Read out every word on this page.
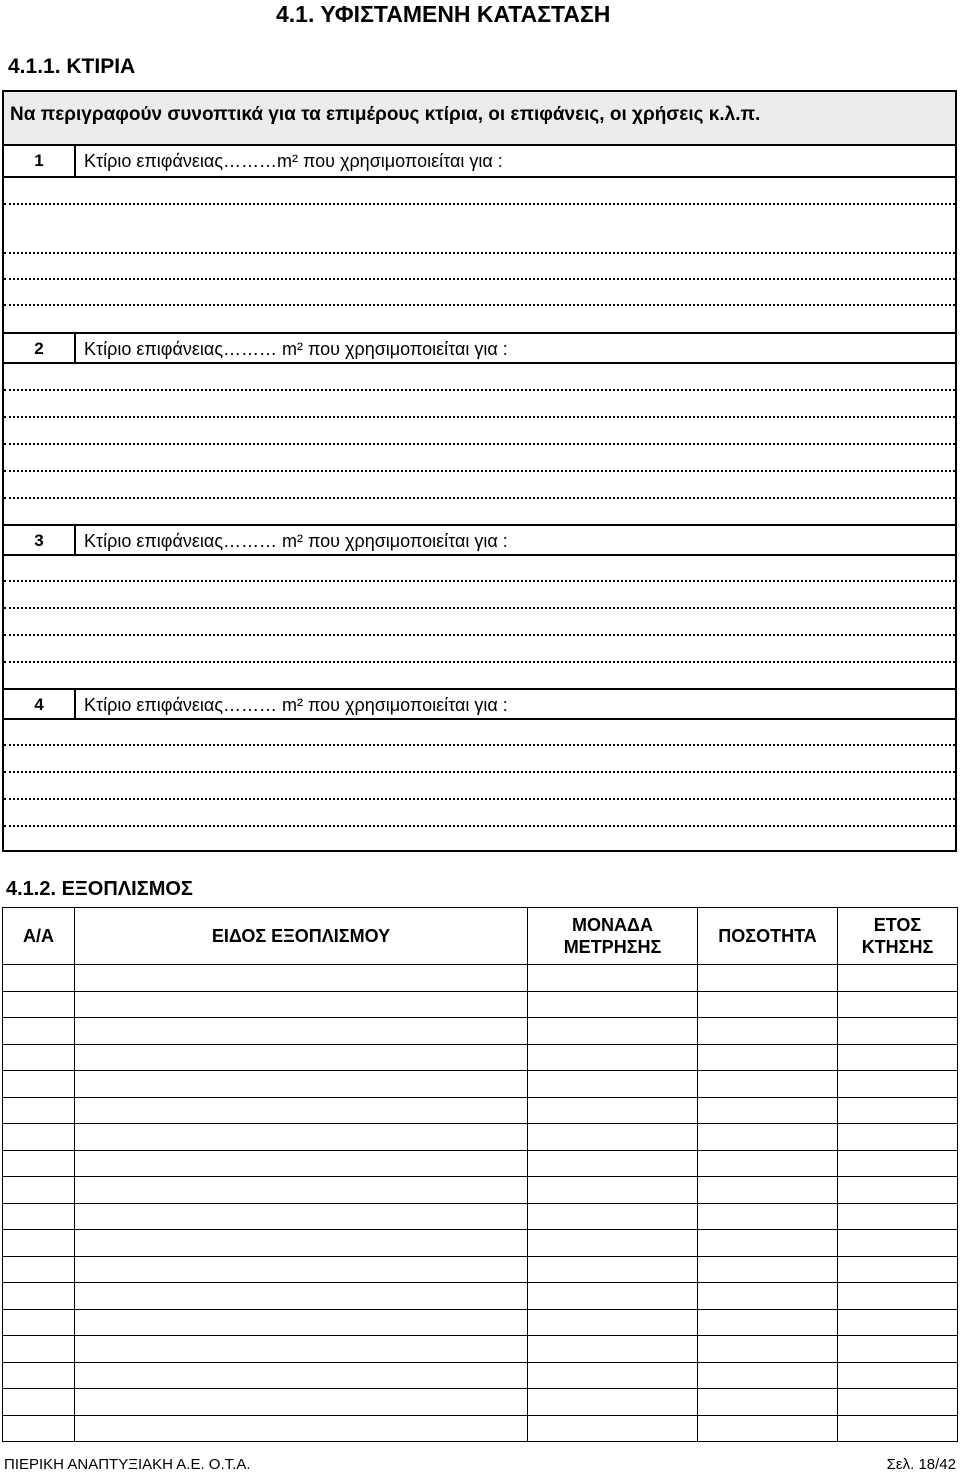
4.1. ΥΦΙΣΤΑΜΕΝΗ ΚΑΤΑΣΤΑΣΗ
4.1.1. ΚΤΙΡΙΑ
Να περιγραφούν συνοπτικά για τα επιμέρους κτίρια, οι επιφάνεις, οι χρήσεις κ.λ.π.
1	Κτίριο επιφάνειας………m² που χρησιμοποιείται για :
2	Κτίριο επιφάνειας……… m² που χρησιμοποιείται για :
3	Κτίριο επιφάνειας……… m² που χρησιμοποιείται για :
4	Κτίριο επιφάνειας……… m² που χρησιμοποιείται για :
4.1.2. ΕΞΟΠΛΙΣΜΟΣ
Α/Α	ΕΙΔΟΣ ΕΞΟΠΛΙΣΜΟΥ	ΜΟΝΑΔΑ ΜΕΤΡΗΣΗΣ	ΠΟΣΟΤΗΤΑ	ΕΤΟΣ ΚΤΗΣΗΣ

ΠΙΕΡΙΚΗ ΑΝΑΠΤΥΞΙΑΚΗ Α.Ε. Ο.Τ.Α.	Σελ. 18/42
